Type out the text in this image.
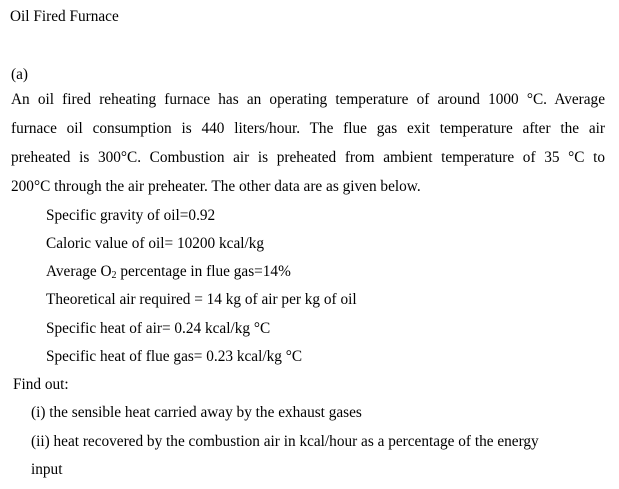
Oil Fired Furnace
(a)
An oil fired reheating furnace has an operating temperature of around 1000 °C. Average
furnace oil consumption is 440 liters/hour. The flue gas exit temperature after the air
preheated is 300°C. Combustion air is preheated from ambient temperature of 35 °C to
200°C through the air preheater. The other data are as given below.
Specific gravity of oil=0.92
Caloric value of oil= 10200 kcal/kg
Average $O_2$ percentage in flue gas=14%
Theoretical air required = 14 kg of air per kg of oil
Specific heat of air= 0.24 kcal/kg °C
Specific heat of flue gas= 0.23 kcal/kg °C
Find out:
(i) the sensible heat carried away by the exhaust gases
(ii) heat recovered by the combustion air in kcal/hour as a percentage of the energy
input
